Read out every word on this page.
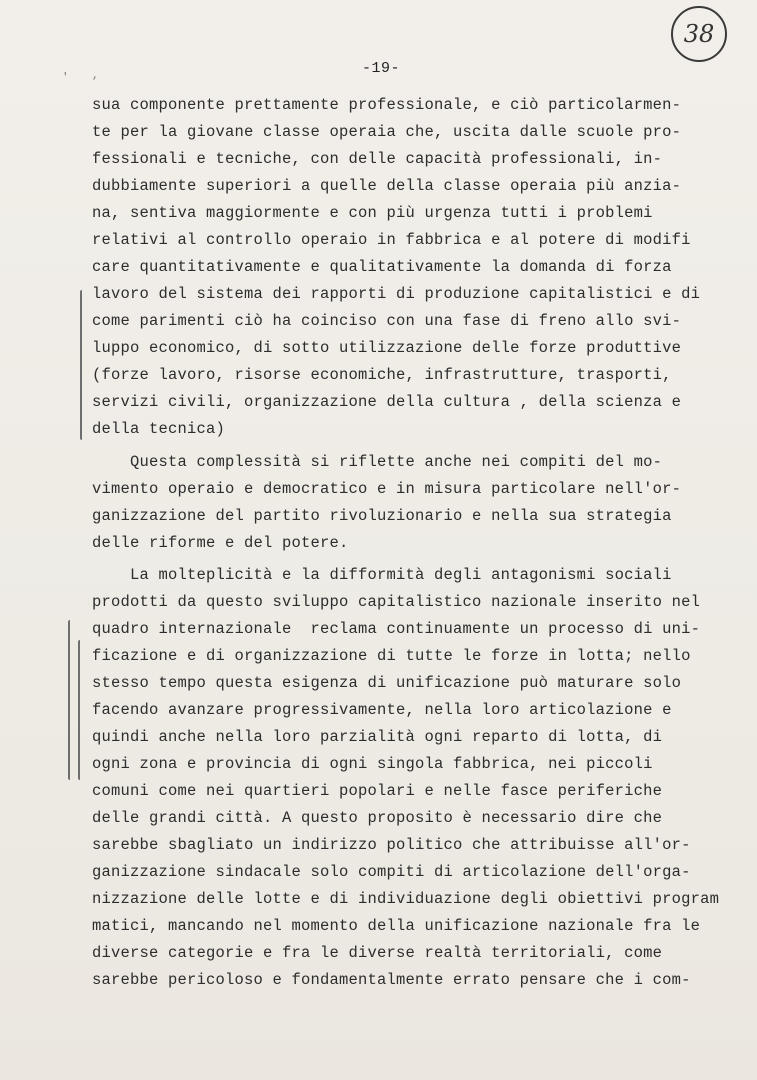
38
-19-
' ,
sua componente prettamente professionale, e ciò particolarmen-
te per la giovane classe operaia che, uscita dalle scuole pro-
fessionali e tecniche, con delle capacità professionali, in-
dubbiamente superiori a quelle della classe operaia più anzia-
na, sentiva maggiormente e con più urgenza tutti i problemi
relativi al controllo operaio in fabbrica e al potere di modifi
care quantitativamente e qualitativamente la domanda di forza
lavoro del sistema dei rapporti di produzione capitalistici e di
come parimenti ciò ha coinciso con una fase di freno allo svi-
luppo economico, di sotto utilizzazione delle forze produttive
(forze lavoro, risorse economiche, infrastrutture, trasporti,
servizi civili, organizzazione della cultura , della scienza e
della tecnica)
Questa complessità si riflette anche nei compiti del mo-
vimento operaio e democratico e in misura particolare nell'or-
ganizzazione del partito rivoluzionario e nella sua strategia
delle riforme e del potere.
La molteplicità e la difformità degli antagonismi sociali
prodotti da questo sviluppo capitalistico nazionale inserito nel
quadro internazionale  reclama continuamente un processo di uni-
ficazione e di organizzazione di tutte le forze in lotta; nello
stesso tempo questa esigenza di unificazione può maturare solo
facendo avanzare progressivamente, nella loro articolazione e
quindi anche nella loro parzialità ogni reparto di lotta, di
ogni zona e provincia di ogni singola fabbrica, nei piccoli
comuni come nei quartieri popolari e nelle fasce periferiche
delle grandi città. A questo proposito è necessario dire che
sarebbe sbagliato un indirizzo politico che attribuisse all'or-
ganizzazione sindacale solo compiti di articolazione dell'orga-
nizzazione delle lotte e di individuazione degli obiettivi program
matici, mancando nel momento della unificazione nazionale fra le
diverse categorie e fra le diverse realtà territoriali, come
sarebbe pericoloso e fondamentalmente errato pensare che i com-
